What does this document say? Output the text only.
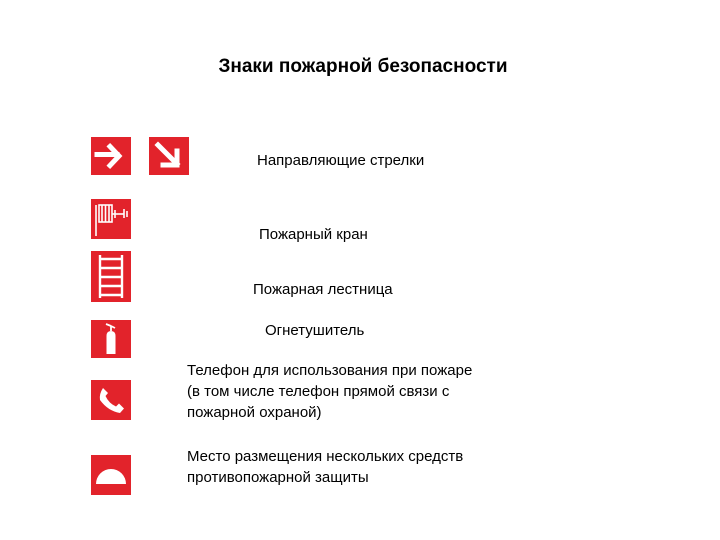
Знаки пожарной безопасности
Направляющие стрелки
Пожарный кран
Пожарная лестница
Огнетушитель
Телефон для использования при пожаре
(в том числе телефон прямой связи с
пожарной охраной)
Место размещения нескольких средств
противопожарной защиты
